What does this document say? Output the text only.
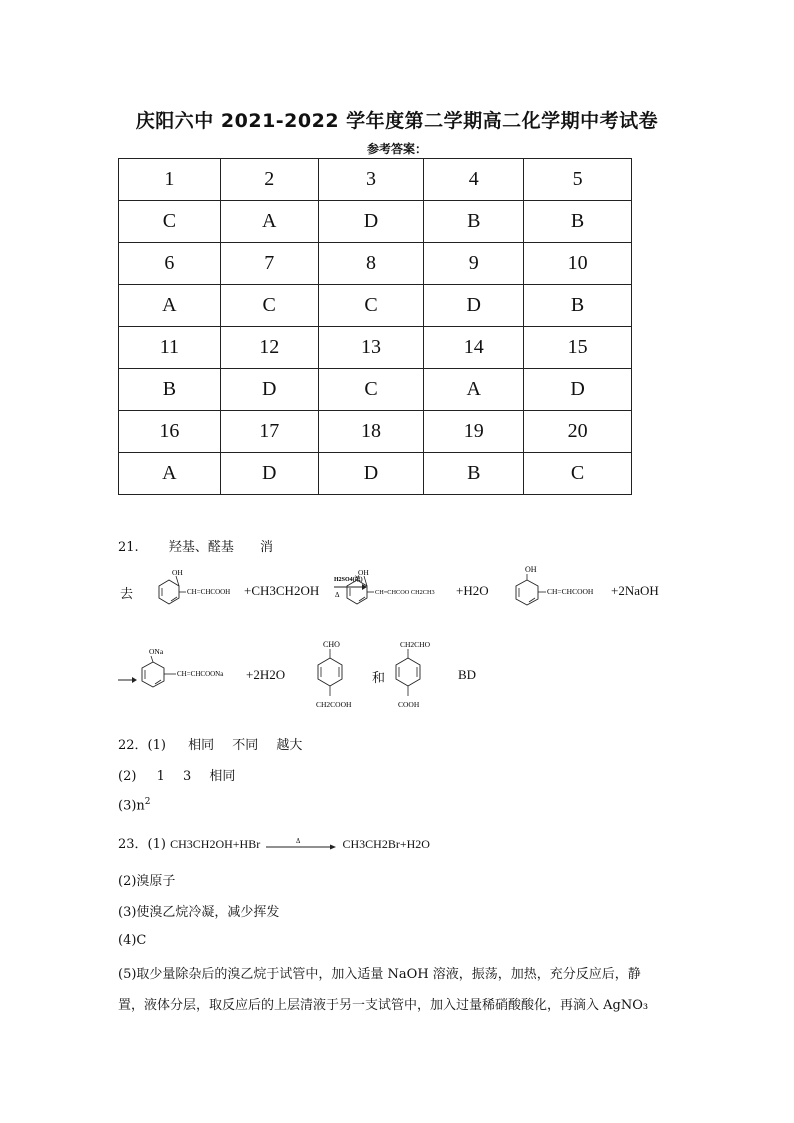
庆阳六中 2021-2022 学年度第二学期高二化学期中考试卷
参考答案：
1	2	3	4	5
C	A	D	B	B
6	7	8	9	10
A	C	C	D	B
11	12	13	14	15
B	D	C	A	D
16	17	18	19	20
A	D	D	B	C
21. 羟基、醛基 消
去
OH
CH=CHCOOH +CH3CH2OH
H2SO4(浓)
Δ
OH
CH=CHCOO CH2CH3 +H2O
OH
CH=CHCOOH +2NaOH
ONa
CH=CHCOONa +2H2O
CHO
CH2COOH
和
CH2CHO
COOH
BD
22．(1) 相同 不同 越大
(2) 1 3 相同
$(3)n^2$
23．(1) CH3CH2OH+HBr	Δ	CH3CH2Br+H2O
(2)溴原子
(3)使溴乙烷冷凝，减少挥发
(4)C
(5)取少量除杂后的溴乙烷于试管中，加入适量 NaOH 溶液，振荡，加热，充分反应后，静
置，液体分层，取反应后的上层清液于另一支试管中，加入过量稀硝酸酸化，再滴入 AgNO₃
